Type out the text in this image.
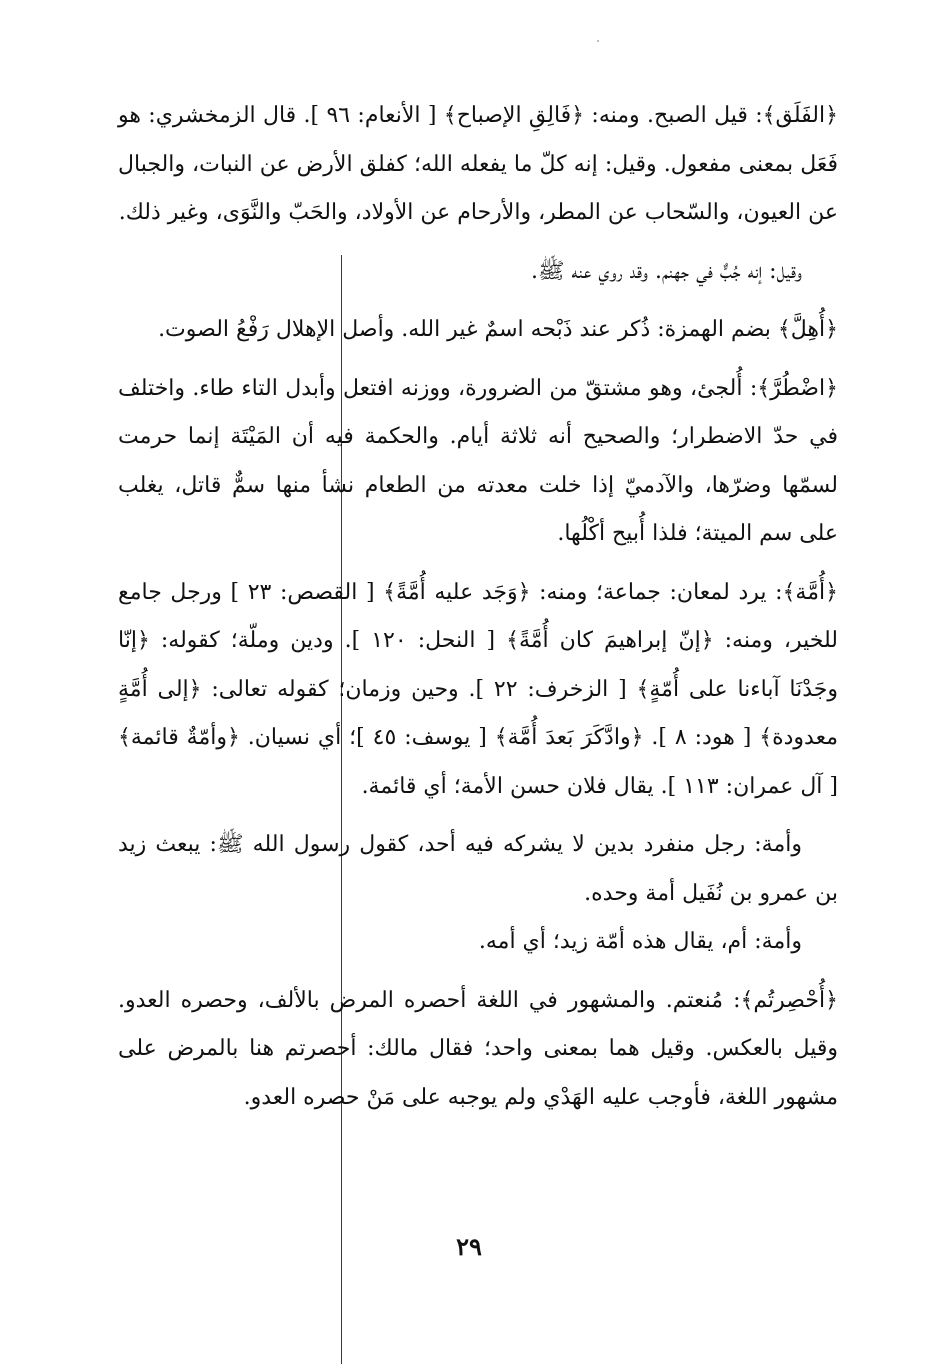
﴿الفَلَق﴾: قيل الصبح. ومنه: ﴿فَالِقِ الإصباح﴾ [ الأنعام: ٩٦ ]. قال الزمخشري: هو فَعَل بمعنى مفعول. وقيل: إنه كلّ ما يفعله الله؛ كفلق الأرض عن النبات، والجبال عن العيون، والسّحاب عن المطر، والأرحام عن الأولاد، والحَبّ والنَّوَى، وغير ذلك.

وقيل: إنه جُبٌّ في جهنم. وقد روي عنه ﷺ.

﴿أُهِلَّ﴾ بضم الهمزة: ذُكر عند ذَبْحه اسمٌ غير الله. وأصل الإهلال رَفْعُ الصوت.

﴿اضْطُرَّ﴾: أُلجئ، وهو مشتقّ من الضرورة، ووزنه افتعل وأبدل التاء طاء. واختلف في حدّ الاضطرار؛ والصحيح أنه ثلاثة أيام. والحكمة فيه أن المَيْتَة إنما حرمت لسمّها وضرّها، والآدميّ إذا خلت معدته من الطعام نشأ منها سمٌّ قاتل، يغلب على سم الميتة؛ فلذا أُبيح أكْلُها.

﴿أُمَّة﴾: يرد لمعان: جماعة؛ ومنه: ﴿وَجَد عليه أُمَّةً﴾ [ القصص: ٢٣ ] ورجل جامع للخير، ومنه: ﴿إنّ إبراهيمَ كان أُمَّةً﴾ [ النحل: ١٢٠ ]. ودين وملّة؛ كقوله: ﴿إنّا وجَدْنَا آباءنا على أُمّةٍ﴾ [ الزخرف: ٢٢ ]. وحين وزمان؛ كقوله تعالى: ﴿إلى أُمَّةٍ معدودة﴾ [ هود: ٨ ]. ﴿وادَّكَرَ بَعدَ أُمَّة﴾ [ يوسف: ٤٥ ]؛ أي نسيان. ﴿وأمّةٌ قائمة﴾ [ آل عمران: ١١٣ ]. يقال فلان حسن الأمة؛ أي قائمة.

وأمة: رجل منفرد بدين لا يشركه فيه أحد، كقول رسول الله ﷺ: يبعث زيد بن عمرو بن نُفَيل أمة وحده.

وأمة: أم، يقال هذه أمّة زيد؛ أي أمه.

﴿أُحْصِرتُم﴾: مُنعتم. والمشهور في اللغة أحصره المرض بالألف، وحصره العدو. وقيل بالعكس. وقيل هما بمعنى واحد؛ فقال مالك: أحصرتم هنا بالمرض على مشهور اللغة، فأوجب عليه الهَدْي ولم يوجبه على مَنْ حصره العدو.

٢٩
